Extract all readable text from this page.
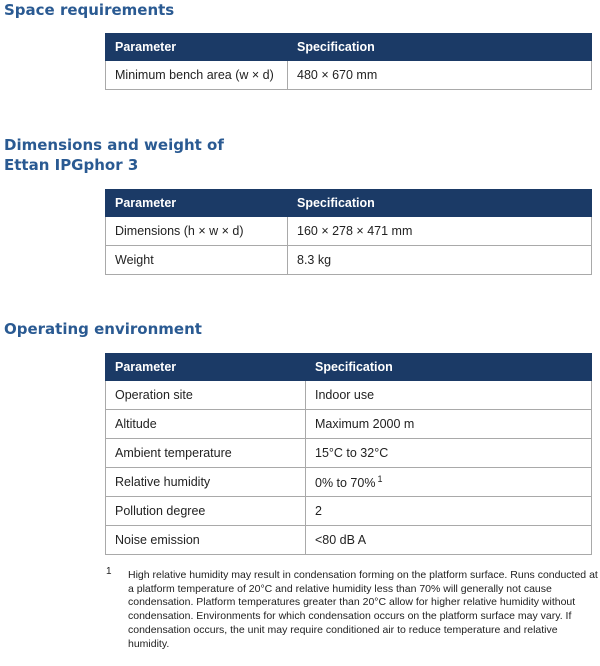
Space requirements
Parameter	Specification
Minimum bench area (w × d)	480 × 670 mm
Dimensions and weight of
Ettan IPGphor 3
Parameter	Specification
Dimensions (h × w × d)	160 × 278 × 471 mm
Weight	8.3 kg
Operating environment
Parameter	Specification
Operation site	Indoor use
Altitude	Maximum 2000 m
Ambient temperature	15°C to 32°C
Relative humidity	0% to 70% $^1$
Pollution degree	2
Noise emission	<80 dB A
1 High relative humidity may result in condensation forming on the platform surface. Runs conducted at a platform temperature of 20°C and relative humidity less than 70% will generally not cause condensation. Platform temperatures greater than 20°C allow for higher relative humidity without condensation. Environments for which condensation occurs on the platform surface may vary. If condensation occurs, the unit may require conditioned air to reduce temperature and relative humidity.
